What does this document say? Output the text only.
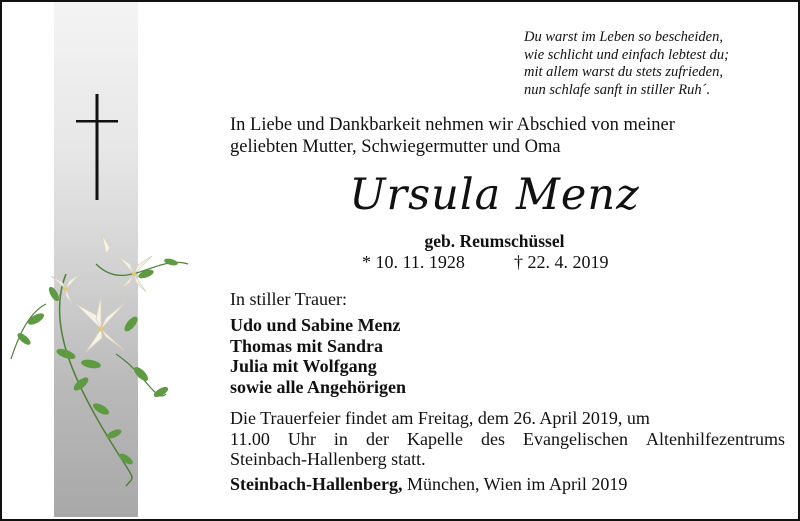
Du warst im Leben so bescheiden,
wie schlicht und einfach lebtest du;
mit allem warst du stets zufrieden,
nun schlafe sanft in stiller Ruh´.
In Liebe und Dankbarkeit nehmen wir Abschied von meiner
geliebten Mutter, Schwiegermutter und Oma
Ursula Menz
geb. Reumschüssel
* 10. 11. 1928	† 22. 4. 2019
In stiller Trauer:
Udo und Sabine Menz
Thomas mit Sandra
Julia mit Wolfgang
sowie alle Angehörigen
Die Trauerfeier findet am Freitag, dem 26. April 2019, um
11.00 Uhr in der Kapelle des Evangelischen Altenhilfezentrums
Steinbach-Hallenberg statt.
Steinbach-Hallenberg, München, Wien im April 2019
